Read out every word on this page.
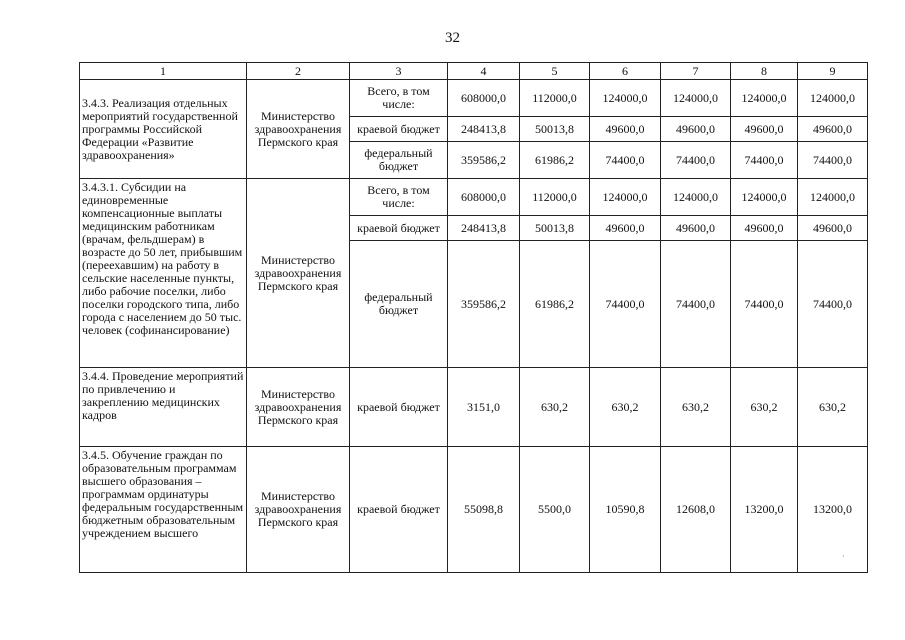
32
1	2	3	4	5	6	7	8	9
3.4.3. Реализация отдельных мероприятий государственной программы Российской Федерации «Развитие здравоохранения»	Министерство здравоохранения Пермского края	Всего, в том числе:	608000,0	112000,0	124000,0	124000,0	124000,0	124000,0
		краевой бюджет	248413,8	50013,8	49600,0	49600,0	49600,0	49600,0
		федеральный бюджет	359586,2	61986,2	74400,0	74400,0	74400,0	74400,0
3.4.3.1. Субсидии на единовременные компенсационные выплаты медицинским работникам (врачам, фельдшерам) в возрасте до 50 лет, прибывшим (переехавшим) на работу в сельские населенные пункты, либо рабочие поселки, либо поселки городского типа, либо города с населением до 50 тыс. человек (софинансирование)	Министерство здравоохранения Пермского края	Всего, в том числе:	608000,0	112000,0	124000,0	124000,0	124000,0	124000,0
		краевой бюджет	248413,8	50013,8	49600,0	49600,0	49600,0	49600,0
		федеральный бюджет	359586,2	61986,2	74400,0	74400,0	74400,0	74400,0
3.4.4. Проведение мероприятий по привлечению и закреплению медицинских кадров	Министерство здравоохранения Пермского края	краевой бюджет	3151,0	630,2	630,2	630,2	630,2	630,2
3.4.5. Обучение граждан по образовательным программам высшего образования – программам ординатуры федеральным государственным бюджетным образовательным учреждением высшего	Министерство здравоохранения Пермского края	краевой бюджет	55098,8	5500,0	10590,8	12608,0	13200,0	13200,0
·
